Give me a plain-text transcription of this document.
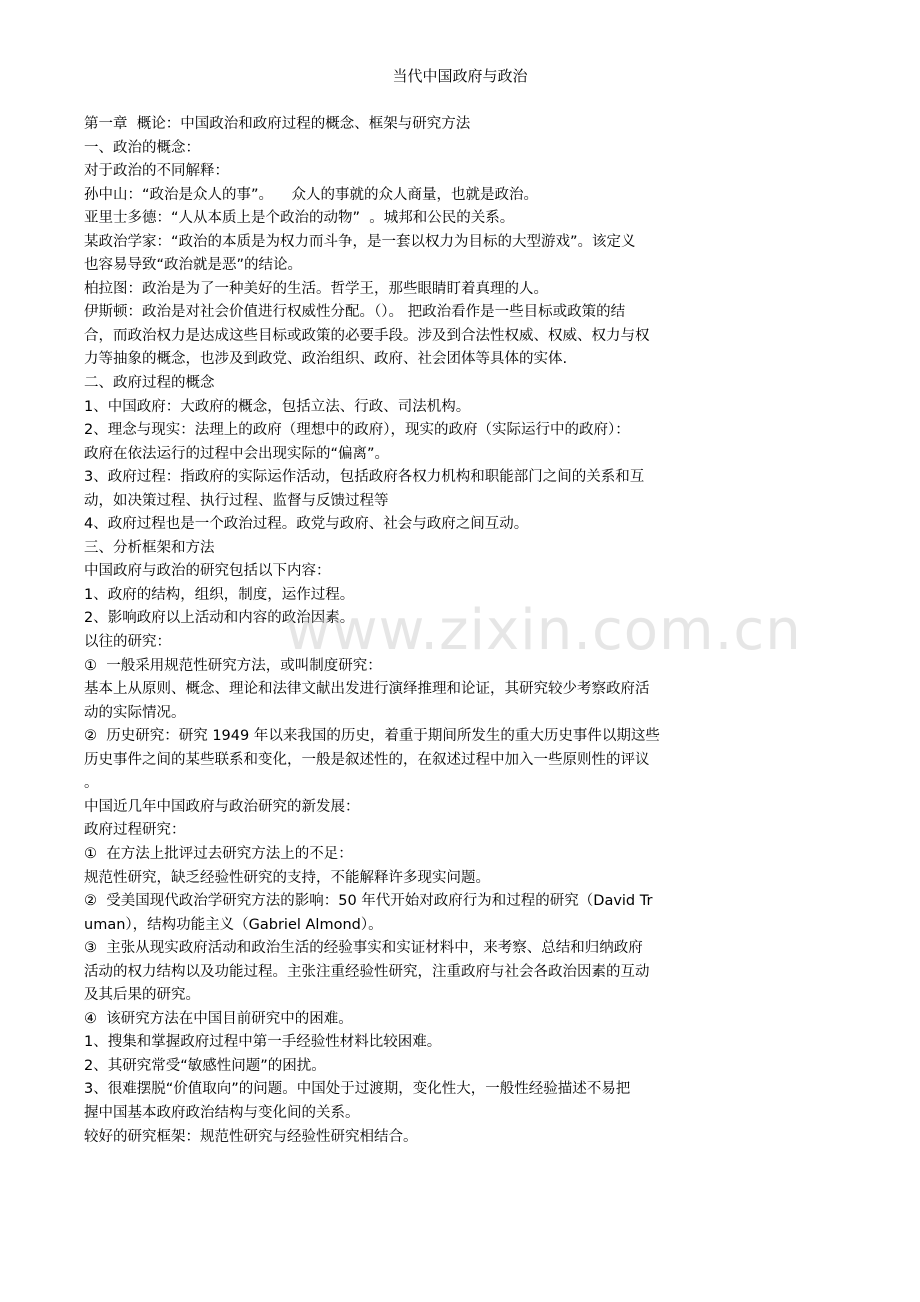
当代中国政府与政治
第一章  概论：中国政治和政府过程的概念、框架与研究方法
一、政治的概念：
对于政治的不同解释：
孙中山：“政治是众人的事”。    众人的事就的众人商量，也就是政治。
亚里士多德：“人从本质上是个政治的动物”  。城邦和公民的关系。
某政治学家：“政治的本质是为权力而斗争，是一套以权力为目标的大型游戏”。该定义
也容易导致“政治就是恶”的结论。
柏拉图：政治是为了一种美好的生活。哲学王，那些眼睛盯着真理的人。
伊斯顿：政治是对社会价值进行权威性分配。（）。 把政治看作是一些目标或政策的结
合，而政治权力是达成这些目标或政策的必要手段。涉及到合法性权威、权威、权力与权
力等抽象的概念，也涉及到政党、政治组织、政府、社会团体等具体的实体.
二、政府过程的概念
1、中国政府：大政府的概念，包括立法、行政、司法机构。
2、理念与现实：法理上的政府（理想中的政府），现实的政府（实际运行中的政府）：
政府在依法运行的过程中会出现实际的“偏离”。
3、政府过程：指政府的实际运作活动，包括政府各权力机构和职能部门之间的关系和互
动，如决策过程、执行过程、监督与反馈过程等
4、政府过程也是一个政治过程。政党与政府、社会与政府之间互动。
三、分析框架和方法
中国政府与政治的研究包括以下内容：
1、政府的结构，组织，制度，运作过程。
2、影响政府以上活动和内容的政治因素。
以往的研究：
①  一般采用规范性研究方法，或叫制度研究：
基本上从原则、概念、理论和法律文献出发进行演绎推理和论证，其研究较少考察政府活
动的实际情况。
②  历史研究：研究 1949 年以来我国的历史，着重于期间所发生的重大历史事件以期这些
历史事件之间的某些联系和变化，一般是叙述性的，在叙述过程中加入一些原则性的评议
。
中国近几年中国政府与政治研究的新发展：
政府过程研究：
①  在方法上批评过去研究方法上的不足：
规范性研究，缺乏经验性研究的支持，不能解释许多现实问题。
②  受美国现代政治学研究方法的影响：50 年代开始对政府行为和过程的研究（David Tr
uman），结构功能主义（Gabriel Almond）。
③  主张从现实政府活动和政治生活的经验事实和实证材料中，来考察、总结和归纳政府
活动的权力结构以及功能过程。主张注重经验性研究，注重政府与社会各政治因素的互动
及其后果的研究。
④  该研究方法在中国目前研究中的困难。
1、搜集和掌握政府过程中第一手经验性材料比较困难。
2、其研究常受“敏感性问题”的困扰。
3、很难摆脱“价值取向”的问题。中国处于过渡期，变化性大，一般性经验描述不易把
握中国基本政府政治结构与变化间的关系。
较好的研究框架：规范性研究与经验性研究相结合。
www.zixin.com.cn
